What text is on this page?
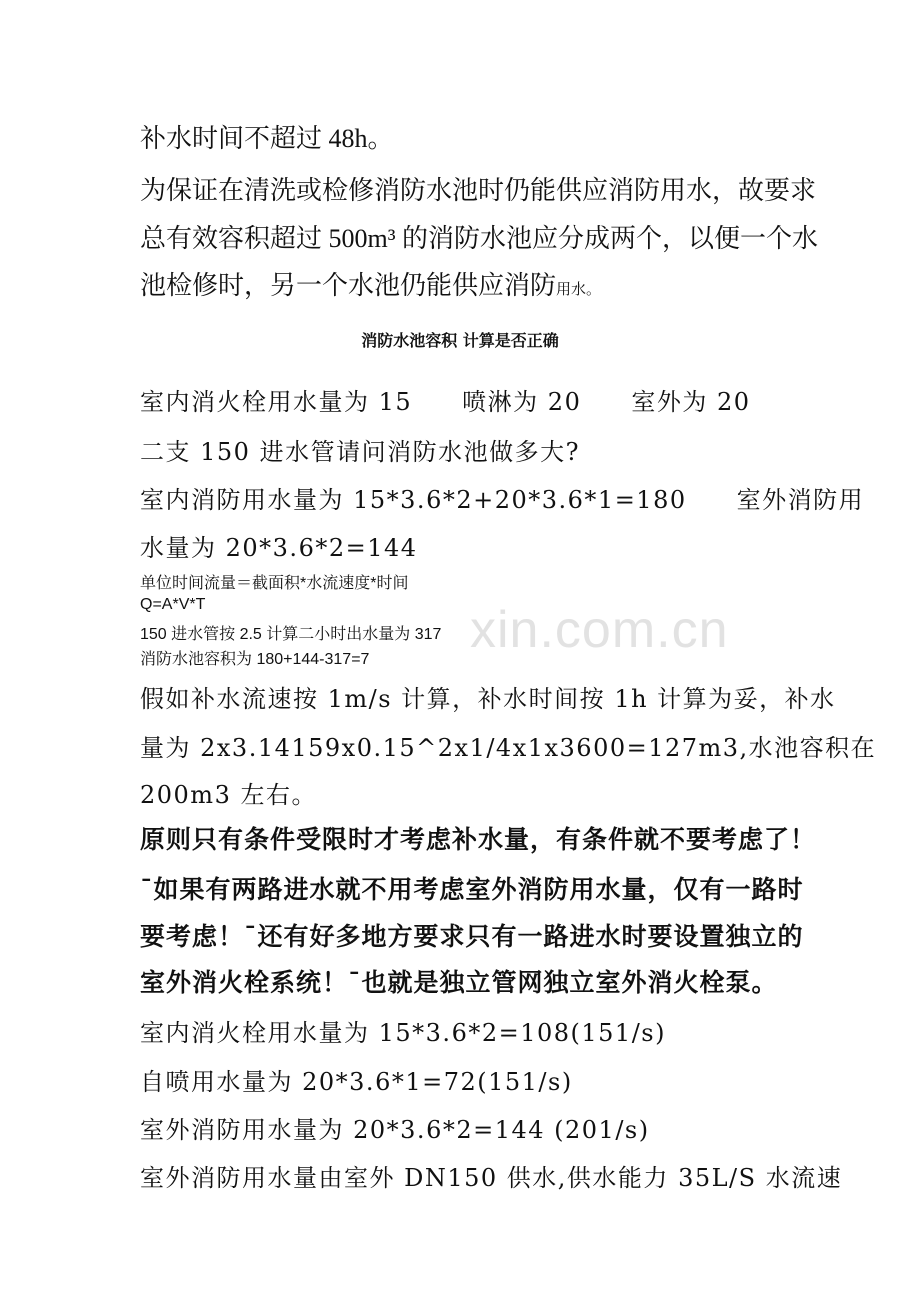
xin.com.cn
补水时间不超过 48h。
为保证在清洗或检修消防水池时仍能供应消防用水，故要求
总有效容积超过 500m³ 的消防水池应分成两个，以便一个水
池检修时，另一个水池仍能供应消防用水。
消防水池容积 计算是否正确
室内消火栓用水量为 15 喷淋为 20 室外为 20
二支 150 进水管请问消防水池做多大?
室内消防用水量为 15*3.6*2+20*3.6*1=180 室外消防用
水量为 20*3.6*2=144
单位时间流量＝截面积*水流速度*时间
Q=A*V*T
150 进水管按 2.5 计算二小时出水量为 317
消防水池容积为 180+144-317=7
假如补水流速按 1m/s 计算，补水时间按 1h 计算为妥，补水
量为 2x3.14159x0.15^2x1/4x1x3600=127m3,水池容积在
200m3 左右。
原则只有条件受限时才考虑补水量，有条件就不要考虑了！
¯如果有两路进水就不用考虑室外消防用水量，仅有一路时
要考虑！¯还有好多地方要求只有一路进水时要设置独立的
室外消火栓系统！¯也就是独立管网独立室外消火栓泵。
室内消火栓用水量为 15*3.6*2=108(151/s)
自喷用水量为 20*3.6*1=72(151/s)
室外消防用水量为 20*3.6*2=144 (201/s)
室外消防用水量由室外 DN150 供水,供水能力 35L/S 水流速
